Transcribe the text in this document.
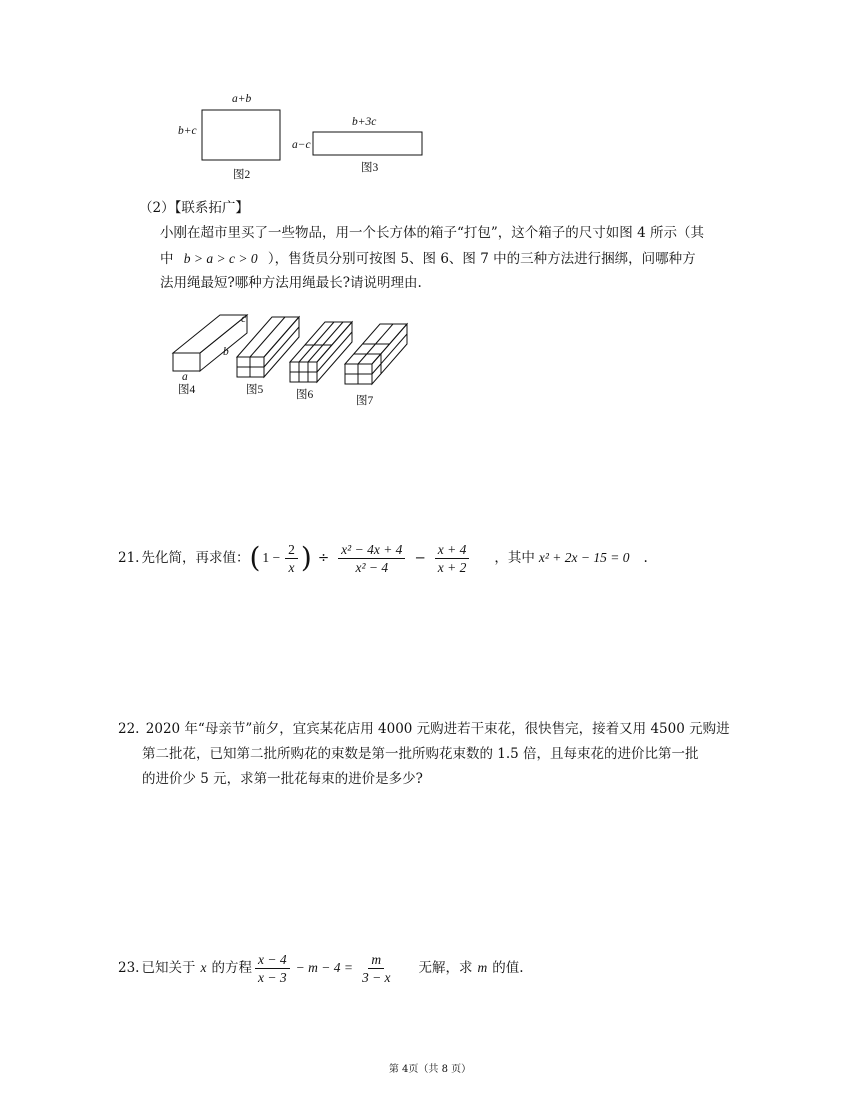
a+b
b+c
图2
b+3c
a−c
图3
（2）【联系拓广】
小刚在超市里买了一些物品，用一个长方体的箱子“打包”，这个箱子的尺寸如图 4 所示（其
中 b > a > c > 0 ），售货员分别可按图 5、图 6、图 7 中的三种方法进行捆绑，问哪种方
法用绳最短?哪种方法用绳最长?请说明理由.
c
b
a
图4	图5	图6	图7
21. 先化简，再求值： ( $1 - \frac{2}{x}$ ) ÷ $\frac{\text{x² − 4x + 4}}{\text{x² − 4}} - \frac{x + 4}{x + 2}$ ，其中 x² + 2x − 15 = 0 .
22. 2020 年“母亲节”前夕，宜宾某花店用 4000 元购进若干束花，很快售完，接着又用 4500 元购进
第二批花，已知第二批所购花的束数是第一批所购花束数的 1.5 倍，且每束花的进价比第一批
的进价少 5 元，求第一批花每束的进价是多少?
23. 已知关于 x 的方程 $\frac{x - 4}{x - 3} - m - 4 = \frac{m}{3 - x}$ 无解，求 m 的值.
第 4页（共 8 页）
